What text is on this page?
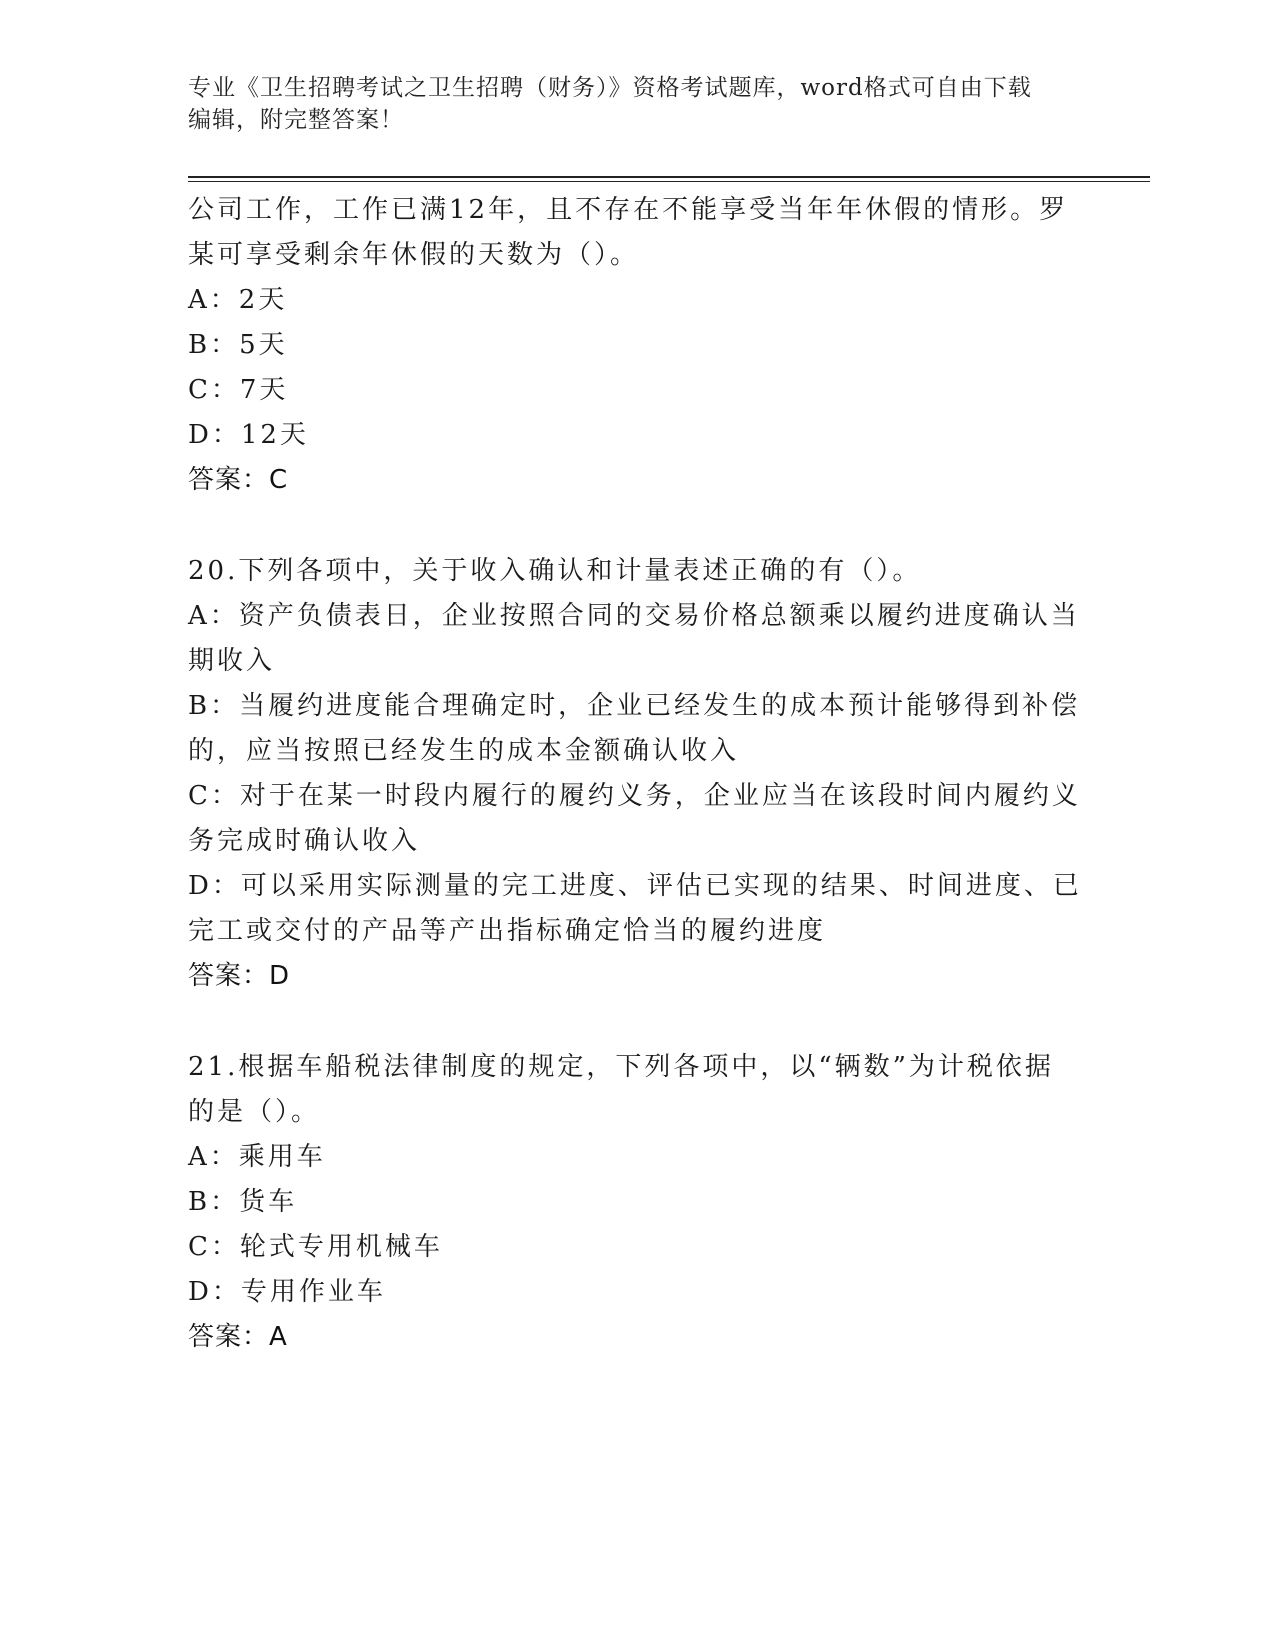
专业《卫生招聘考试之卫生招聘（财务）》资格考试题库，word格式可自由下载
编辑，附完整答案！
公司工作，工作已满12年，且不存在不能享受当年年休假的情形。罗
某可享受剩余年休假的天数为（）。
A：2天
B：5天
C：7天
D：12天
答案：C
20.下列各项中，关于收入确认和计量表述正确的有（）。
A：资产负债表日，企业按照合同的交易价格总额乘以履约进度确认当
期收入
B：当履约进度能合理确定时，企业已经发生的成本预计能够得到补偿
的，应当按照已经发生的成本金额确认收入
C：对于在某一时段内履行的履约义务，企业应当在该段时间内履约义
务完成时确认收入
D：可以采用实际测量的完工进度、评估已实现的结果、时间进度、已
完工或交付的产品等产出指标确定恰当的履约进度
答案：D
21.根据车船税法律制度的规定，下列各项中，以“辆数”为计税依据
的是（）。
A：乘用车
B：货车
C：轮式专用机械车
D：专用作业车
答案：A
